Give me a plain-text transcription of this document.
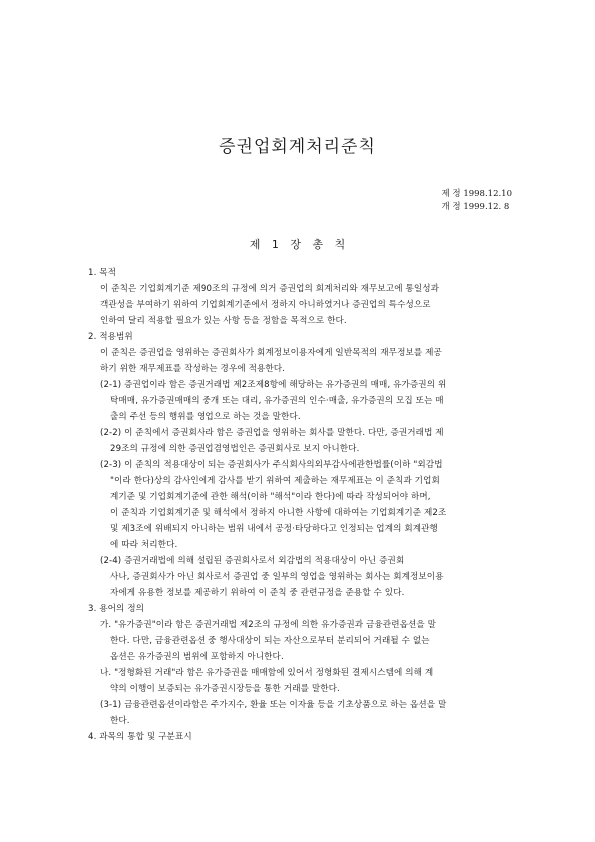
증권업회계처리준칙
제 정 1998.12.10
개 정 1999.12. 8
제 1 장 총 칙
1. 목적
이 준칙은 기업회계기준 제90조의 규정에 의거 증권업의 회계처리와 재무보고에 통일성과
객관성을 부여하기 위하여 기업회계기준에서 정하지 아니하였거나 증권업의 특수성으로
인하여 달리 적용할 필요가 있는 사항 등을 정함을 목적으로 한다.
2. 적용범위
이 준칙은 증권업을 영위하는 증권회사가 회계정보이용자에게 일반목적의 재무정보를 제공
하기 위한 재무제표를 작성하는 경우에 적용한다.
(2-1) 증권업이라 함은 증권거래법 제2조제8항에 해당하는 유가증권의 매매, 유가증권의 위
탁매매, 유가증권매매의 중개 또는 대리, 유가증권의 인수·매출, 유가증권의 모집 또는 매
출의 주선 등의 행위를 영업으로 하는 것을 말한다.
(2-2) 이 준칙에서 증권회사라 함은 증권업을 영위하는 회사를 말한다. 다만, 증권거래법 제
29조의 규정에 의한 증권업겸영법인은 증권회사로 보지 아니한다.
(2-3) 이 준칙의 적용대상이 되는 증권회사가 주식회사의외부감사에관한법률(이하 "외감법
"이라 한다)상의 감사인에게 감사를 받기 위하여 제출하는 재무제표는 이 준칙과 기업회
계기준 및 기업회계기준에 관한 해석(이하 "해석"이라 한다)에 따라 작성되어야 하며,
이 준칙과 기업회계기준 및 해석에서 정하지 아니한 사항에 대하여는 기업회계기준 제2조
및 제3조에 위배되지 아니하는 범위 내에서 공정·타당하다고 인정되는 업계의 회계관행
에 따라 처리한다.
(2-4) 증권거래법에 의해 설립된 증권회사로서 외감법의 적용대상이 아닌 증권회
사나, 증권회사가 아닌 회사로서 증권업 중 일부의 영업을 영위하는 회사는 회계정보이용
자에게 유용한 정보를 제공하기 위하여 이 준칙 중 관련규정을 준용할 수 있다.
3. 용어의 정의
가. "유가증권"이라 함은 증권거래법 제2조의 규정에 의한 유가증권과 금융관련옵션을 말
한다. 다만, 금융관련옵션 중 행사대상이 되는 자산으로부터 분리되어 거래될 수 없는
옵션은 유가증권의 범위에 포함하지 아니한다.
나. "정형화된 거래"라 함은 유가증권을 매매함에 있어서 정형화된 결제시스템에 의해 계
약의 이행이 보증되는 유가증권시장등을 통한 거래를 말한다.
(3-1) 금융관련옵션이라함은 주가지수, 환율 또는 이자율 등을 기초상품으로 하는 옵션을 말
한다.
4. 과목의 통합 및 구분표시
